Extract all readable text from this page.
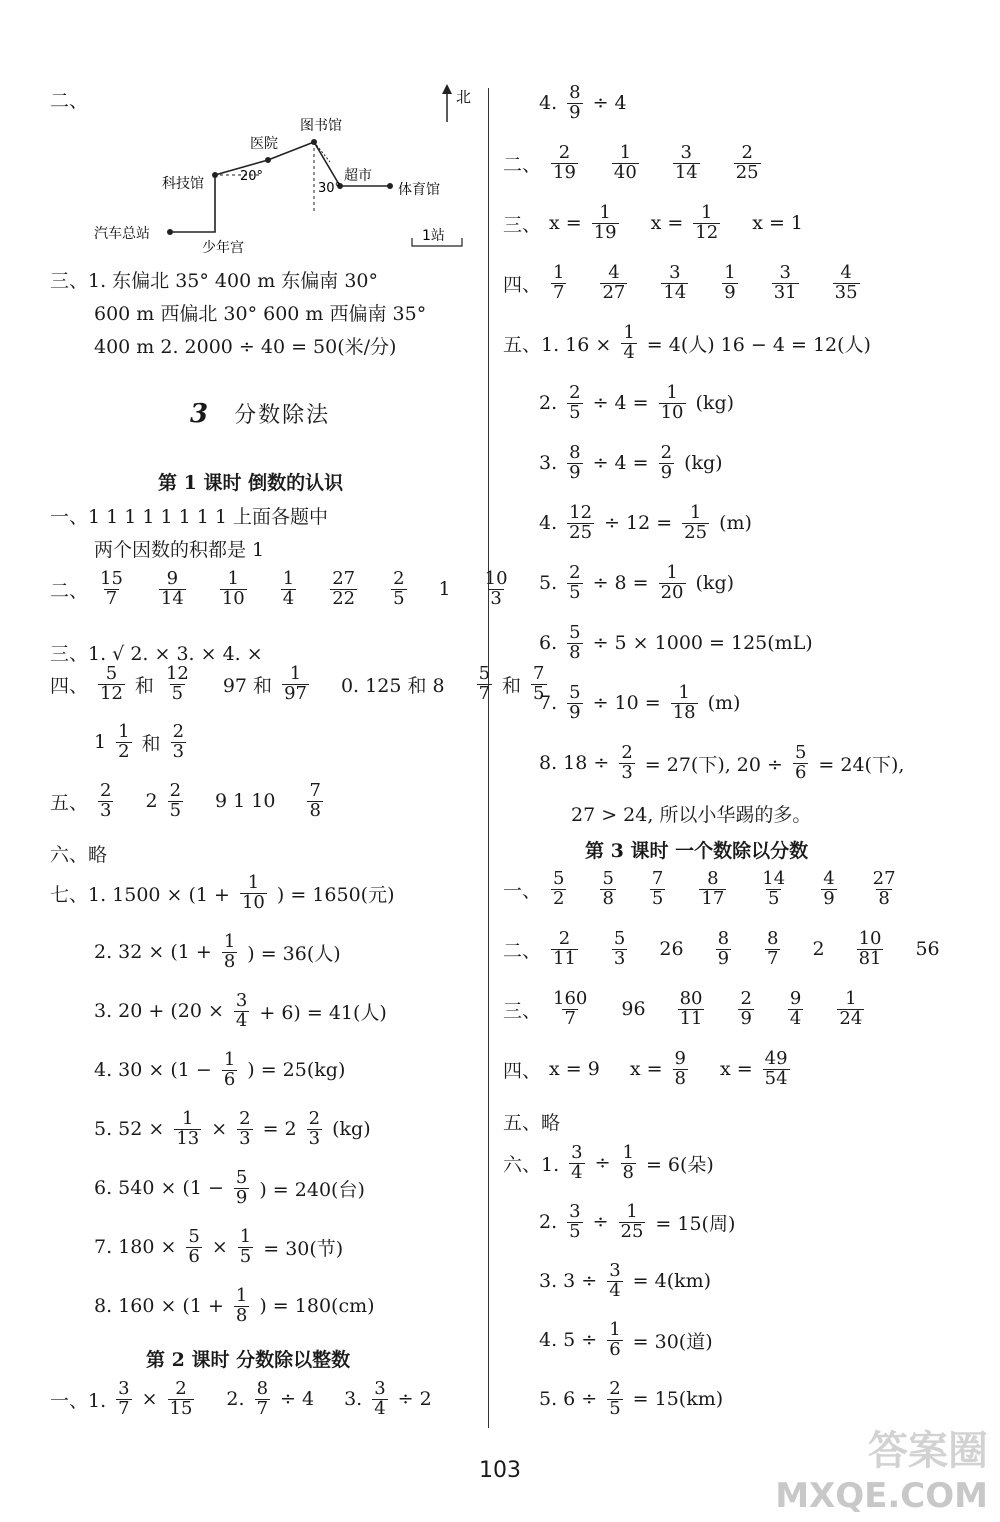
二、	北
医院
图书馆
科技馆	20°	超市
30°	体育馆
汽车总站
少年宫
1站
三、1. 东偏北 35° 400 m 东偏南 30°
600 m 西偏北 30° 600 m 西偏南 35°
400 m 2. 2000 ÷ 40 = 50(米/分)
3 分数除法
第 1 课时 倒数的认识
一、1 1 1 1 1 1 1 1 上面各题中
两个因数的积都是 1
二、 $\frac{15}{7} \frac{9}{14} \frac{1}{10} \frac{1}{4} \frac{27}{22} \frac{2}{5} 1 \frac{10}{3}$
三、1. √ 2. × 3. × 4. ×
四、 $\frac{5}{12}$ 和 $\frac{12}{5} 97$ 和 $\frac{1}{97} 0$. 125 和 $8 \frac{5}{7}$ 和 $\frac{7}{5}$
$1 \frac{1}{2}$ 和 $\frac{2}{3}$
五、 $\frac{2}{3} 2 \frac{2}{5} 9$ 1 $10 \frac{7}{8}$
六、略
七、1. $1500 \times (1 + \frac{1}{10}$ ) = 1650(元)
2. $32 \times (1 + \frac{1}{8}$ ) = 36(人)
3. $20 + (20 \times \frac{3}{4} + 6) = 41$(人)
4. $30 \times (1 - \frac{1}{6}$ ) = 25(kg)
5. $52 \times \frac{1}{13} \times \frac{2}{3} = 2 \frac{2}{3} (kg)$
6. $540 \times (1 - \frac{5}{9}$ ) = 240(台)
7. $180 \times \frac{5}{6} \times \frac{1}{5} = 30$(节)
8. $160 \times (1 + \frac{1}{8}$ ) = 180(cm)
第 2 课时 分数除以整数
一、1. $\frac{3}{7} \times \frac{2}{15} 2$. $\frac{8}{7} \div 4$ 3. $\frac{3}{4} \div 2$
4. $\frac{8}{9} \div 4$
二、 $\frac{2}{19} \frac{1}{40} \frac{3}{14} \frac{2}{25}$
三、 $x = \frac{1}{19}$ $x = \frac{1}{12}$ x = 1
四、 $\frac{1}{7} \frac{4}{27} \frac{3}{14} \frac{1}{9} \frac{3}{31} \frac{4}{35}$
五、1. $16 \times \frac{1}{4} = 4$(人) 16 − 4 = 12(人)
2. $\frac{2}{5} \div 4 = \frac{1}{10} (kg)$
3. $\frac{8}{9} \div 4 = \frac{2}{9} (kg)$
4. $\frac{12}{25} \div 12 = \frac{1}{25} (m)$
5. $\frac{2}{5} \div 8 = \frac{1}{20} (kg)$
6. $\frac{5}{8} \div 5 \times 1000 = 125(mL)$
7. $\frac{5}{9} \div 10 = \frac{1}{18} (m)$
8. $18 \div \frac{2}{3} = 27$(下), $20 \div \frac{5}{6} = 24$(下),
27 > 24, 所以小华踢的多。
第 3 课时 一个数除以分数
一、 $\frac{5}{2} \frac{5}{8} \frac{7}{5} \frac{8}{17} \frac{14}{5} \frac{4}{9} \frac{27}{8}$
二、 $\frac{2}{11} \frac{5}{3} 26 \frac{8}{9} \frac{8}{7} 2 \frac{10}{81} 56$
三、 $\frac{160}{7} 96 \frac{80}{11} \frac{2}{9} \frac{9}{4} \frac{1}{24}$
四、 x = 9 $x = \frac{9}{8}$ $x = \frac{49}{54}$
五、略
六、1. $\frac{3}{4} \div \frac{1}{8} = 6$(朵)
2. $\frac{3}{5} \div \frac{1}{25} = 15$(周)
3. $3 \div \frac{3}{4} = 4(km)$
4. $5 \div \frac{1}{6} = 30$(道)
5. $6 \div \frac{2}{5} = 15(km)$
103	答案圈
MXQE.COM
